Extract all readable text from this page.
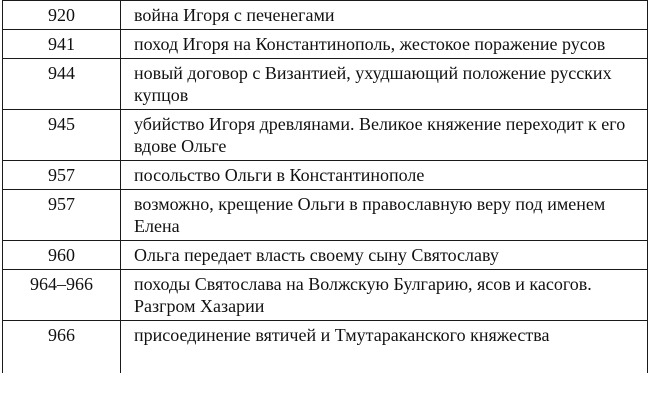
920	война Игоря с печенегами
941	поход Игоря на Константинополь, жестокое поражение русов
944	новый договор с Византией, ухудшающий положение русских купцов
945	убийство Игоря древлянами. Великое княжение переходит к его вдове Ольге
957	посольство Ольги в Константинополе
957	возможно, крещение Ольги в православную веру под именем Елена
960	Ольга передает власть своему сыну Святославу
964–966	походы Святослава на Волжскую Булгарию, ясов и касогов. Разгром Хазарии
966	присоединение вятичей и Тмутараканского княжества
